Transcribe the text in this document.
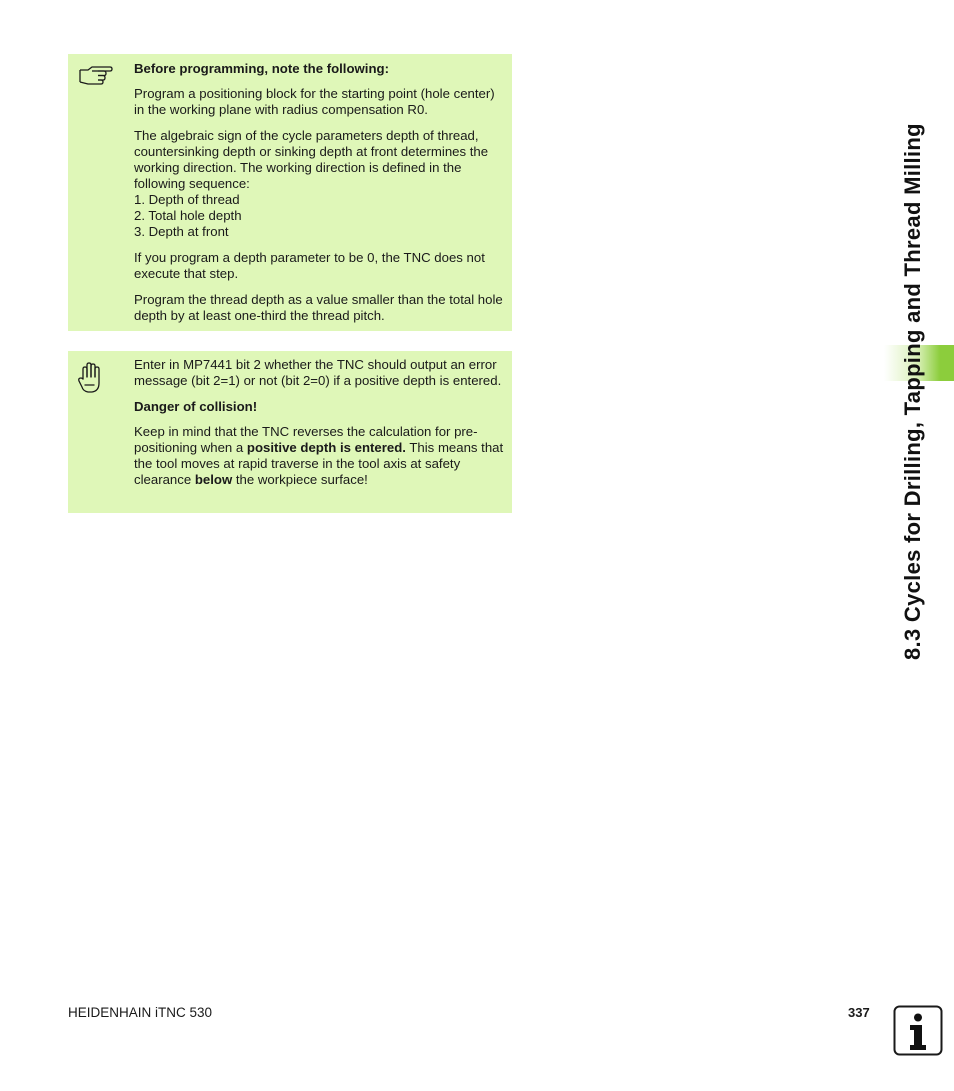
Before programming, note the following:

Program a positioning block for the starting point (hole center) in the working plane with radius compensation R0.

The algebraic sign of the cycle parameters depth of thread, countersinking depth or sinking depth at front determines the working direction. The working direction is defined in the following sequence:
1. Depth of thread
2. Total hole depth
3. Depth at front

If you program a depth parameter to be 0, the TNC does not execute that step.

Program the thread depth as a value smaller than the total hole depth by at least one-third the thread pitch.

Enter in MP7441 bit 2 whether the TNC should output an error message (bit 2=1) or not (bit 2=0) if a positive depth is entered.

Danger of collision!

Keep in mind that the TNC reverses the calculation for pre-positioning when a positive depth is entered. This means that the tool moves at rapid traverse in the tool axis at safety clearance below the workpiece surface!	8.3 Cycles for Drilling, Tapping and Thread Milling
HEIDENHAIN iTNC 530	337
